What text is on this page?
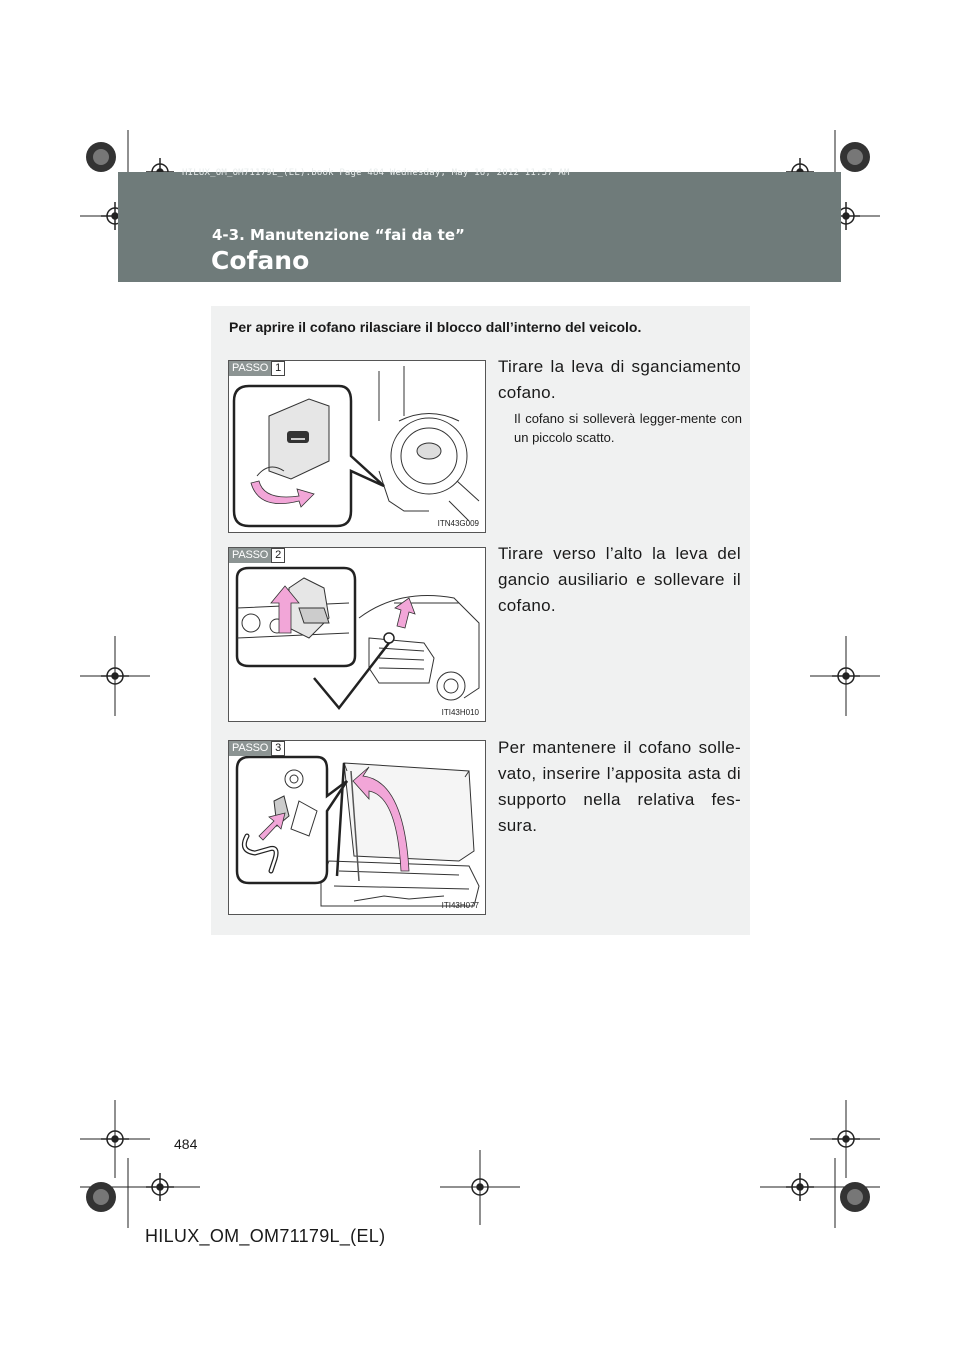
HILUX_OM_OM71179L_(EL).book Page 484 Wednesday, May 16, 2012 11:37 AM
4-3. Manutenzione “fai da te”
Cofano
Per aprire il cofano rilasciare il blocco dall’interno del veicolo.
PASSO 1
ITN43G009
Tirare la leva di sganciamento cofano.
Il cofano si solleverà legger-mente con un piccolo scatto.
PASSO 2
ITI43H010
Tirare verso l’alto la leva del gancio ausiliario e sollevare il cofano.
PASSO 3
ITI43H077
Per mantenere il cofano solle-vato, inserire l’apposita asta di supporto nella relativa fes-sura.
484
HILUX_OM_OM71179L_(EL)
